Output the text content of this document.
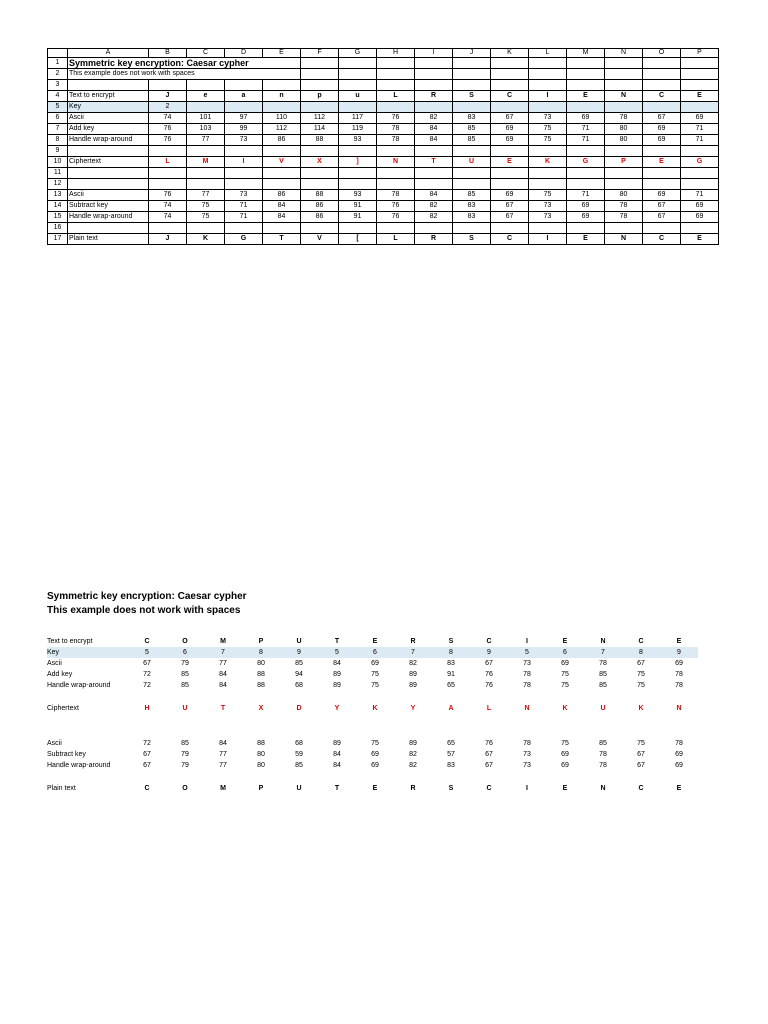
	A	B	C	D	E	F	G	H	I	J	K	L	M	N	O	P
1	Symmetric key encryption: Caesar cypher															
2	This example does not work with spaces															
3																
4	Text to encrypt	J	e	a	n	p	u	L	R	S	C	I	E	N	C	E
5	Key	2														
6	Ascii	74	101	97	110	112	117	76	82	83	67	73	69	78	67	69
7	Add key	76	103	99	112	114	119	78	84	85	69	75	71	80	69	71
8	Handle wrap-around	76	77	73	86	88	93	78	84	85	69	75	71	80	69	71
9																
10	Ciphertext	L	M	I	V	X	]	N	T	U	E	K	G	P	E	G
11																
12																
13	Ascii	76	77	73	86	88	93	78	84	85	69	75	71	80	69	71
14	Subtract key	74	75	71	84	86	91	76	82	83	67	73	69	78	67	69
15	Handle wrap-around	74	75	71	84	86	91	76	82	83	67	73	69	78	67	69
16																
17	Plain text	J	K	G	T	V	[	L	R	S	C	I	E	N	C	E
Symmetric key encryption: Caesar cypher
This example does not work with spaces
Text to encrypt	C	O	M	P	U	T	E	R	S	C	I	E	N	C	E
Key	5	6	7	8	9	5	6	7	8	9	5	6	7	8	9
Ascii	67	79	77	80	85	84	69	82	83	67	73	69	78	67	69
Add key	72	85	84	88	94	89	75	89	91	76	78	75	85	75	78
Handle wrap-around	72	85	84	88	68	89	75	89	65	76	78	75	85	75	78

Ciphertext	H	U	T	X	D	Y	K	Y	A	L	N	K	U	K	N

Ascii	72	85	84	88	68	89	75	89	65	76	78	75	85	75	78
Subtract key	67	79	77	80	59	84	69	82	57	67	73	69	78	67	69
Handle wrap-around	67	79	77	80	85	84	69	82	83	67	73	69	78	67	69

Plain text	C	O	M	P	U	T	E	R	S	C	I	E	N	C	E
